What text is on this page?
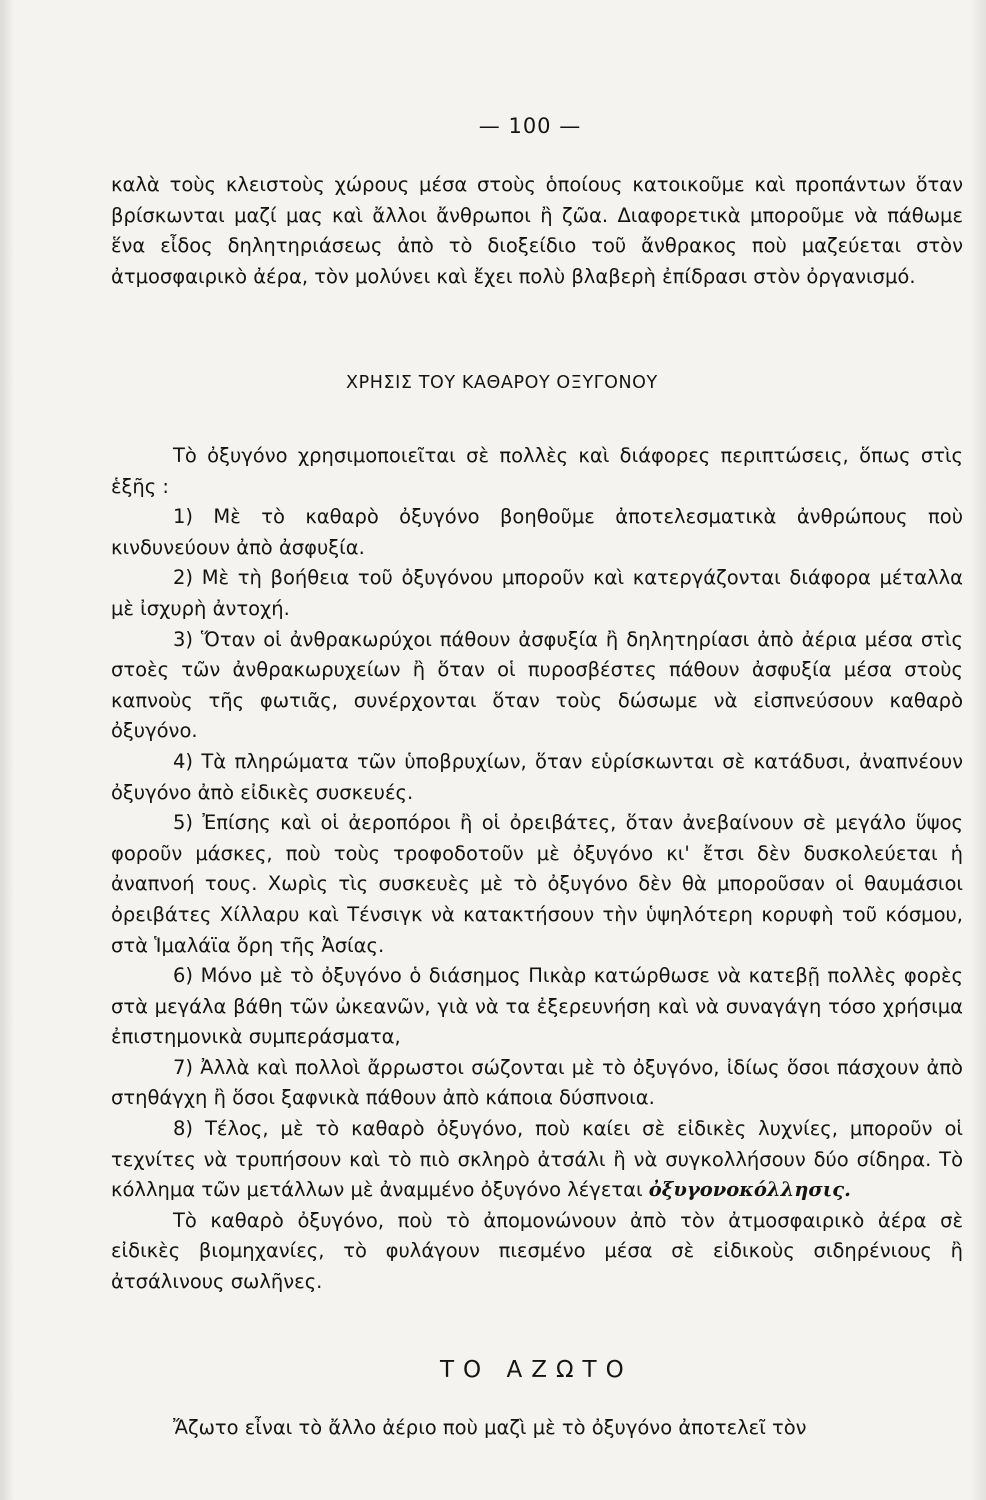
— 100 —

καλὰ τοὺς κλειστοὺς χώρους μέσα στοὺς ὁποίους κατοικοῦμε καὶ προπάντων ὅταν βρίσκωνται μαζί μας καὶ ἄλλοι ἄνθρωποι ἢ ζῶα. Διαφορετικὰ μποροῦμε νὰ πάθωμε ἕνα εἶδος δηλητηριάσεως ἀπὸ τὸ διοξείδιο τοῦ ἄνθρακος ποὺ μαζεύεται στὸν ἀτμοσφαιρικὸ ἀέρα, τὸν μολύνει καὶ ἔχει πολὺ βλαβερὴ ἐπίδρασι στὸν ὀργανισμό.

ΧΡΗΣΙΣ ΤΟΥ ΚΑΘΑΡΟΥ ΟΞΥΓΟΝΟΥ

Τὸ ὀξυγόνο χρησιμοποιεῖται σὲ πολλὲς καὶ διάφορες περιπτώσεις, ὅπως στὶς ἑξῆς :

1) Μὲ τὸ καθαρὸ ὀξυγόνο βοηθοῦμε ἀποτελεσματικὰ ἀνθρώπους ποὺ κινδυνεύουν ἀπὸ ἀσφυξία.

2) Μὲ τὴ βοήθεια τοῦ ὀξυγόνου μποροῦν καὶ κατεργάζονται διάφορα μέταλλα μὲ ἰσχυρὴ ἀντοχή.

3) Ὅταν οἱ ἀνθρακωρύχοι πάθουν ἀσφυξία ἢ δηλητηρίασι ἀπὸ ἀέρια μέσα στὶς στοὲς τῶν ἀνθρακωρυχείων ἢ ὅταν οἱ πυροσβέστες πάθουν ἀσφυξία μέσα στοὺς καπνοὺς τῆς φωτιᾶς, συνέρχονται ὅταν τοὺς δώσωμε νὰ εἰσπνεύσουν καθαρὸ ὀξυγόνο.

4) Τὰ πληρώματα τῶν ὑποβρυχίων, ὅταν εὑρίσκωνται σὲ κατάδυσι, ἀναπνέουν ὀξυγόνο ἀπὸ εἰδικὲς συσκευές.

5) Ἐπίσης καὶ οἱ ἀεροπόροι ἢ οἱ ὀρειβάτες, ὅταν ἀνεβαίνουν σὲ μεγάλο ὕψος φοροῦν μάσκες, ποὺ τοὺς τροφοδοτοῦν μὲ ὀξυγόνο κι' ἔτσι δὲν δυσκολεύεται ἡ ἀναπνοή τους. Χωρὶς τὶς συσκευὲς μὲ τὸ ὀξυγόνο δὲν θὰ μποροῦσαν οἱ θαυμάσιοι ὀρειβάτες Χίλλαρυ καὶ Τένσιγκ νὰ κατακτήσουν τὴν ὑψηλότερη κορυφὴ τοῦ κόσμου, στὰ Ἱμαλάϊα ὄρη τῆς Ἀσίας.

6) Μόνο μὲ τὸ ὀξυγόνο ὁ διάσημος Πικὰρ κατώρθωσε νὰ κατεβῇ πολλὲς φορὲς στὰ μεγάλα βάθη τῶν ὠκεανῶν, γιὰ νὰ τα ἐξερευνήση καὶ νὰ συναγάγη τόσο χρήσιμα ἐπιστημονικὰ συμπεράσματα,

7) Ἀλλὰ καὶ πολλοὶ ἄρρωστοι σώζονται μὲ τὸ ὀξυγόνο, ἰδίως ὅσοι πάσχουν ἀπὸ στηθάγχη ἢ ὅσοι ξαφνικὰ πάθουν ἀπὸ κάποια δύσπνοια.

8) Τέλος, μὲ τὸ καθαρὸ ὀξυγόνο, ποὺ καίει σὲ εἰδικὲς λυχνίες, μποροῦν οἱ τεχνίτες νὰ τρυπήσουν καὶ τὸ πιὸ σκληρὸ ἀτσάλι ἢ νὰ συγκολλήσουν δύο σίδηρα. Τὸ κόλλημα τῶν μετάλλων μὲ ἀναμμένο ὀξυγόνο λέγεται ὀξυγονοκόλλησις.

Τὸ καθαρὸ ὀξυγόνο, ποὺ τὸ ἀπομονώνουν ἀπὸ τὸν ἀτμοσφαιρικὸ ἀέρα σὲ εἰδικὲς βιομηχανίες, τὸ φυλάγουν πιεσμένο μέσα σὲ εἰδικοὺς σιδηρένιους ἢ ἀτσάλινους σωλῆνες.

ΤΟ ΑΖΩΤΟ

Ἄζωτο εἶναι τὸ ἄλλο ἀέριο ποὺ μαζὶ μὲ τὸ ὀξυγόνο ἀποτελεῖ τὸν
